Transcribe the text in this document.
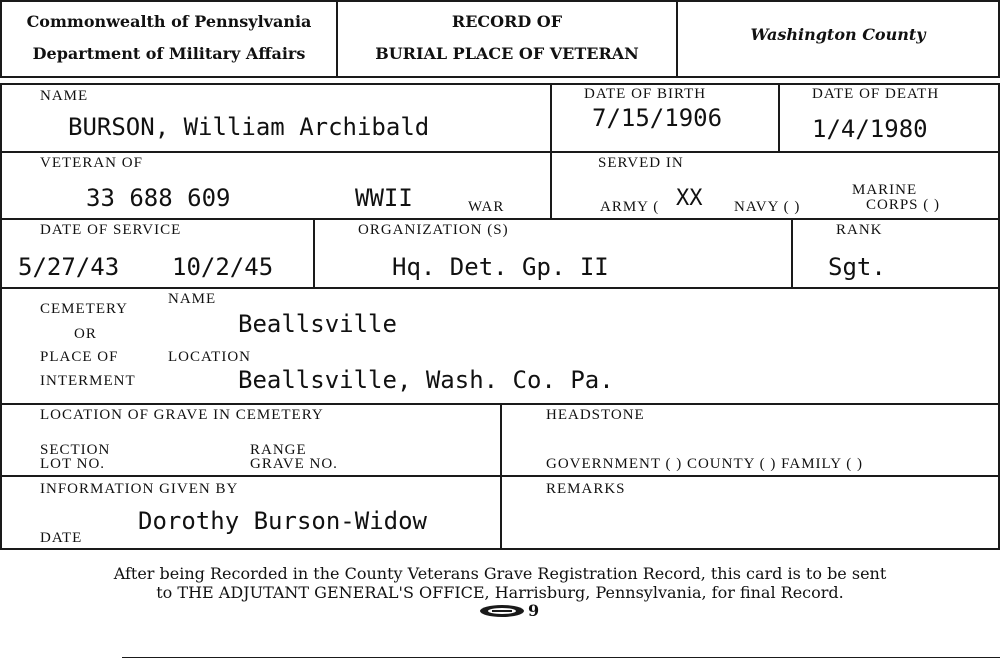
Commonwealth of Pennsylvania
Department of Military Affairs
RECORD OF
BURIAL PLACE OF VETERAN
Washington County
NAME
BURSON, William Archibald
DATE OF BIRTH
7/15/1906
DATE OF DEATH
1/4/1980
VETERAN OF
33 688 609	WWII	WAR
SERVED IN
ARMY ( XX NAVY ( )
MARINE
CORPS ( )
DATE OF SERVICE
5/27/43 10/2/45
ORGANIZATION (S)
Hq. Det. Gp. II
RANK
Sgt.
CEMETERY
OR
NAME
Beallsville
PLACE OF
INTERMENT
LOCATION
Beallsville, Wash. Co. Pa.
LOCATION OF GRAVE IN CEMETERY
SECTION
LOT NO.
RANGE
GRAVE NO.
HEADSTONE
GOVERNMENT ( ) COUNTY ( ) FAMILY ( )
INFORMATION GIVEN BY
Dorothy Burson-Widow
DATE
REMARKS
After being Recorded in the County Veterans Grave Registration Record, this card is to be sent
to THE ADJUTANT GENERAL'S OFFICE, Harrisburg, Pennsylvania, for final Record.
9
